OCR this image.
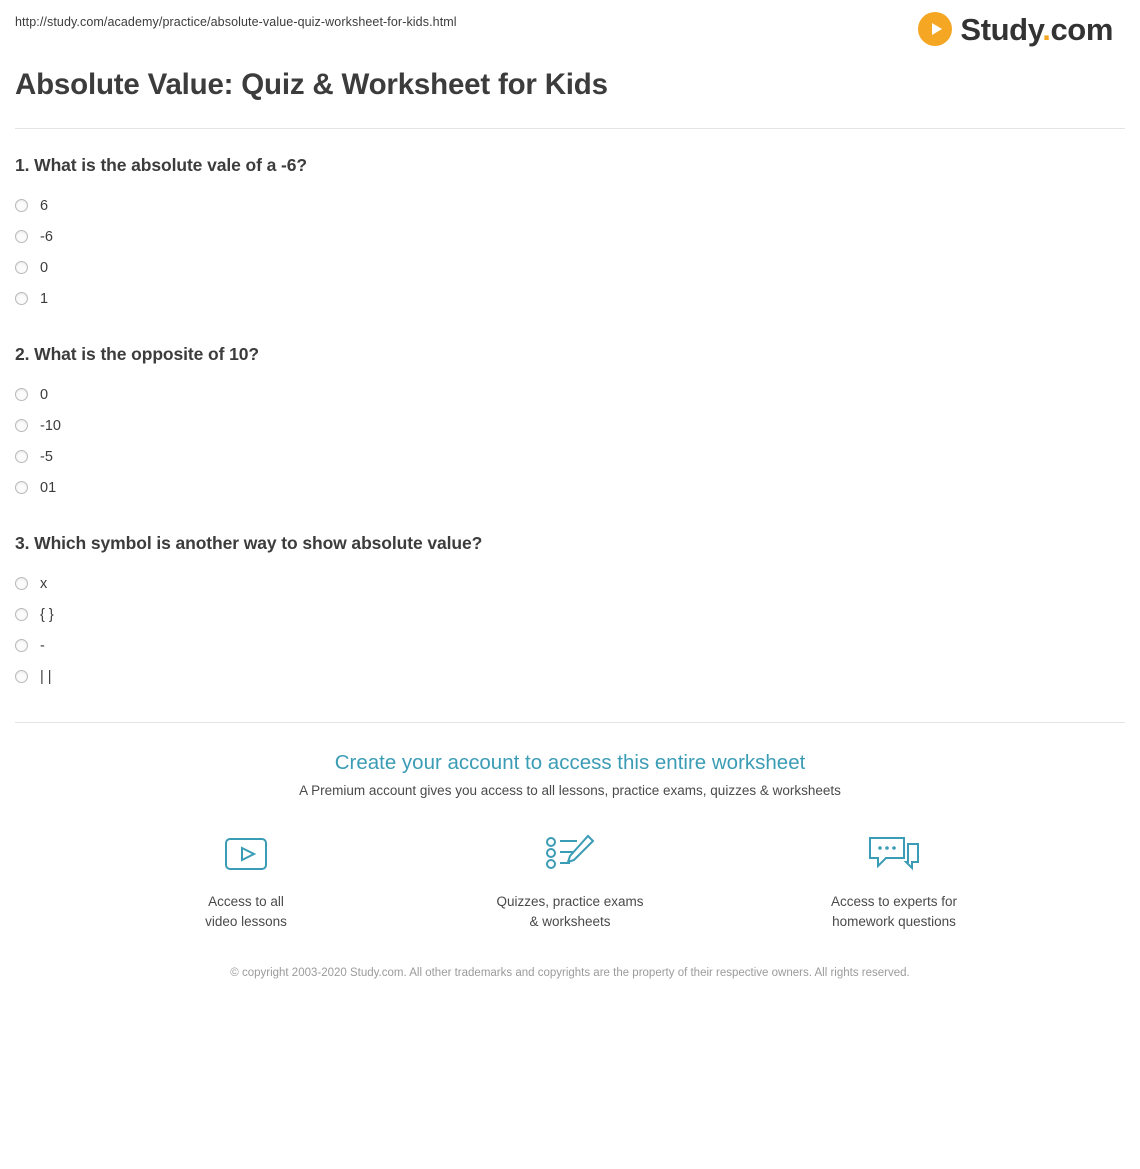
http://study.com/academy/practice/absolute-value-quiz-worksheet-for-kids.html	Study.com
Absolute Value: Quiz & Worksheet for Kids

1. What is the absolute vale of a -6?

6
-6
0
1

2. What is the opposite of 10?

0
-10
-5
01

3. Which symbol is another way to show absolute value?

x
{ }
-
| |
Create your account to access this entire worksheet

A Premium account gives you access to all lessons, practice exams, quizzes & worksheets

Access to all
video lessons
Quizzes, practice exams
& worksheets
Access to experts for
homework questions
© copyright 2003-2020 Study.com. All other trademarks and copyrights are the property of their respective owners. All rights reserved.
